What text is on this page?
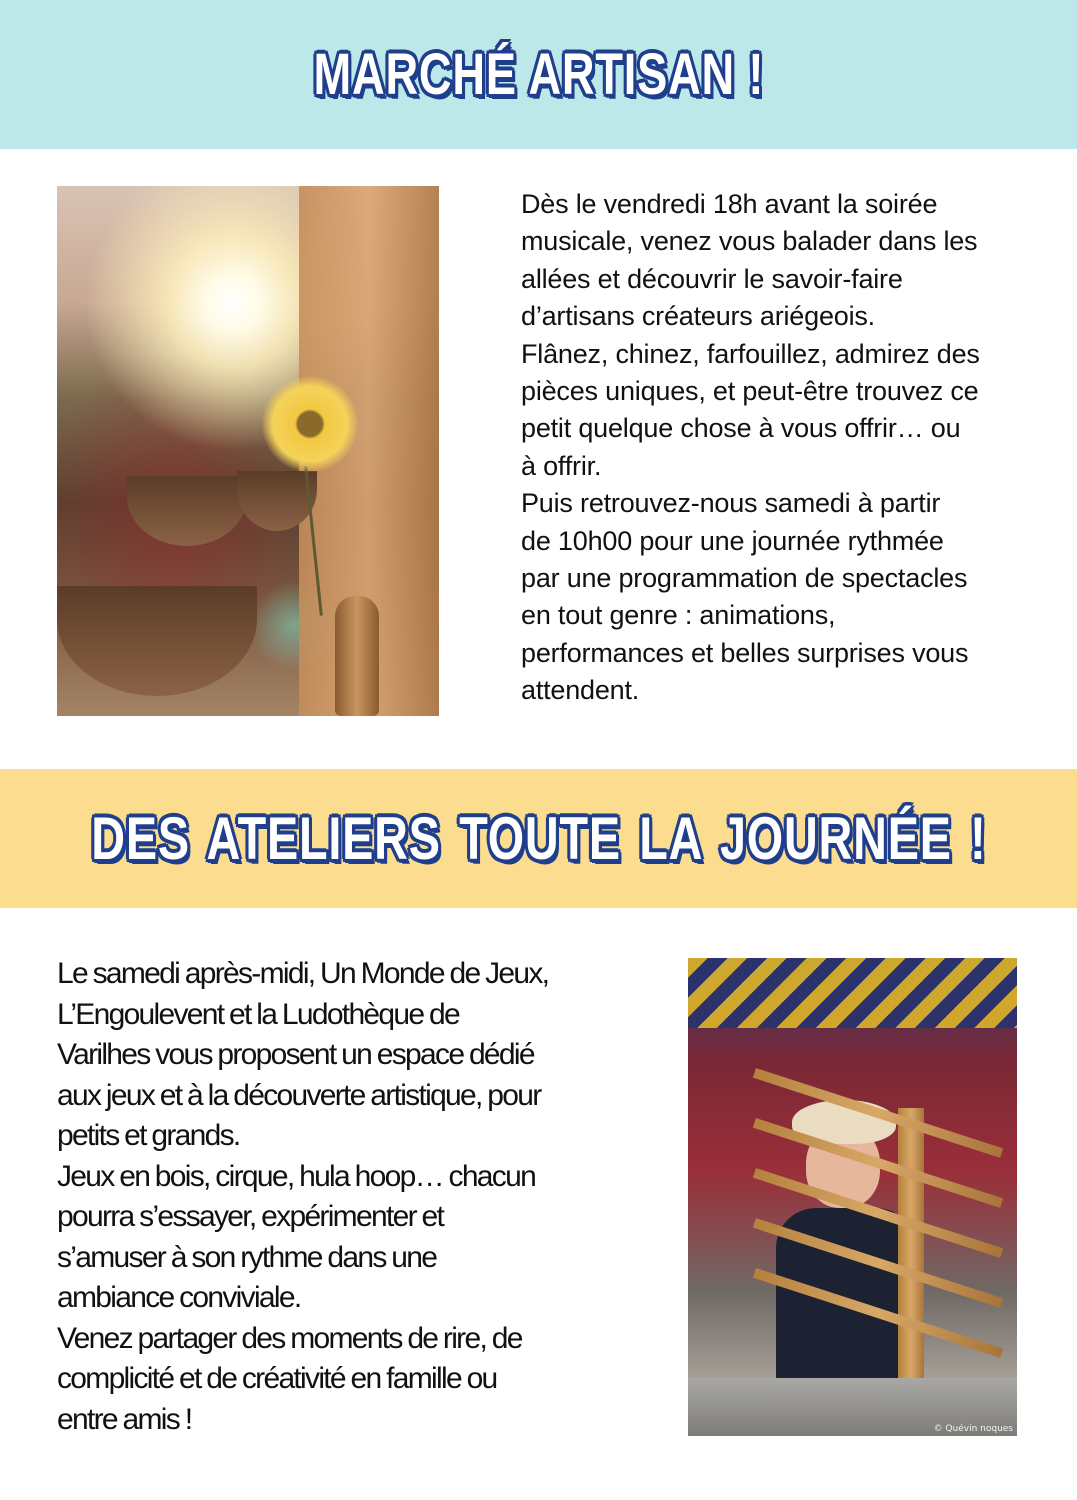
MARCHÉ ARTISAN !

Dès le vendredi 18h avant la soirée
musicale, venez vous balader dans les
allées et découvrir le savoir-faire
d’artisans créateurs ariégeois.
Flânez, chinez, farfouillez, admirez des
pièces uniques, et peut-être trouvez ce
petit quelque chose à vous offrir… ou
à offrir.
Puis retrouvez-nous samedi à partir
de 10h00 pour une journée rythmée
par une programmation de spectacles
en tout genre : animations,
performances et belles surprises vous
attendent.

DES ATELIERS TOUTE LA JOURNÉE !

Le samedi après-midi, Un Monde de Jeux,
L’Engoulevent et la Ludothèque de
Varilhes vous proposent un espace dédié
aux jeux et à la découverte artistique, pour
petits et grands.
Jeux en bois, cirque, hula hoop… chacun
pourra s’essayer, expérimenter et
s’amuser à son rythme dans une
ambiance conviviale.
Venez partager des moments de rire, de
complicité et de créativité en famille ou
entre amis !	© Quévin noques
